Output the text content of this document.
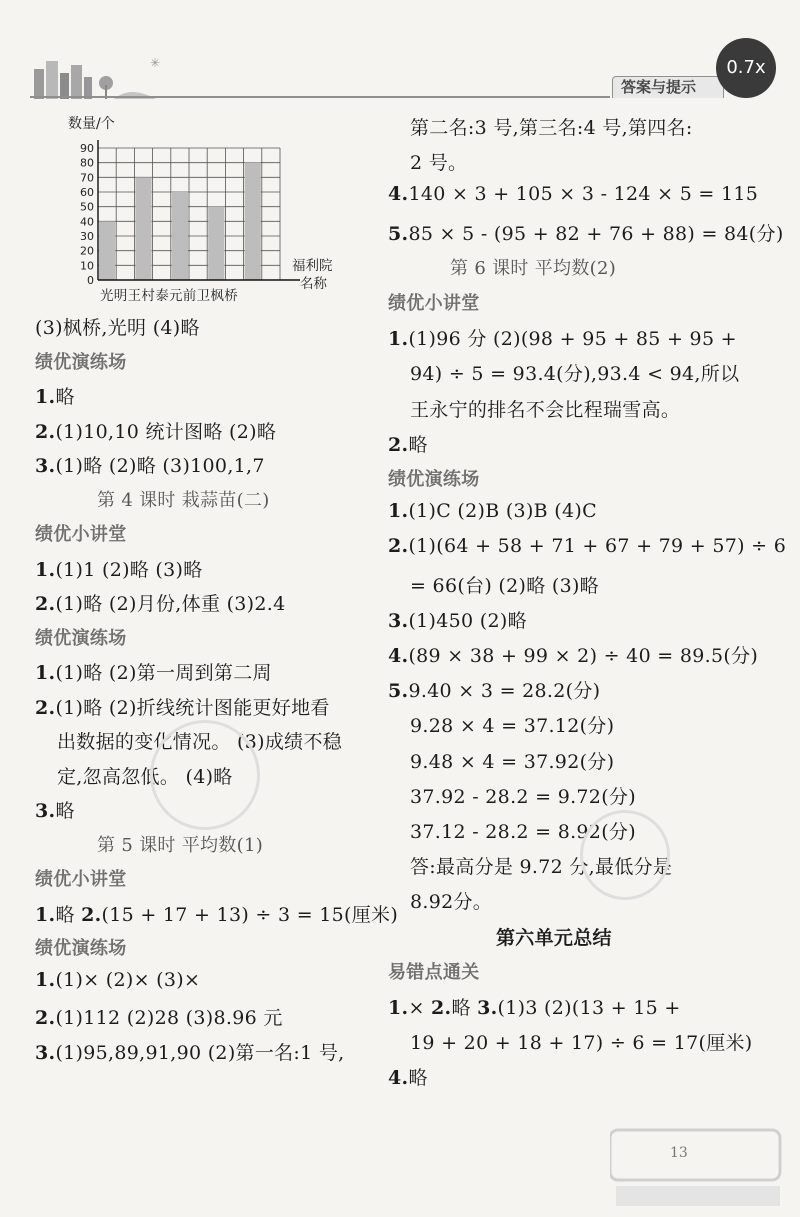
✳
答案与提示
0.7x
数量/个
0
10
20
30
40
50
60
70
80
90
光明王村泰元前卫枫桥
福利院
名称
(3)枫桥,光明 (4)略
绩优演练场
1.略
2.(1)10,10 统计图略 (2)略
3.(1)略 (2)略 (3)100,1,7
第 4 课时 栽蒜苗(二)
绩优小讲堂
1.(1)1 (2)略 (3)略
2.(1)略 (2)月份,体重 (3)2.4
绩优演练场
1.(1)略 (2)第一周到第二周
2.(1)略 (2)折线统计图能更好地看
出数据的变化情况。 (3)成绩不稳
定,忽高忽低。 (4)略
3.略
第 5 课时 平均数(1)
绩优小讲堂
1.略 2.(15 + 17 + 13) ÷ 3 = 15(厘米)
绩优演练场
1.(1)× (2)× (3)×
2.(1)112 (2)28 (3)8.96 元
3.(1)95,89,91,90 (2)第一名:1 号,
第二名:3 号,第三名:4 号,第四名:
2 号。
4.140 × 3 + 105 × 3 - 124 × 5 = 115
5.85 × 5 - (95 + 82 + 76 + 88) = 84(分)
第 6 课时 平均数(2)
绩优小讲堂
1.(1)96 分 (2)(98 + 95 + 85 + 95 +
94) ÷ 5 = 93.4(分),93.4 < 94,所以
王永宁的排名不会比程瑞雪高。
2.略
绩优演练场
1.(1)C (2)B (3)B (4)C
2.(1)(64 + 58 + 71 + 67 + 79 + 57) ÷ 6
= 66(台) (2)略 (3)略
3.(1)450 (2)略
4.(89 × 38 + 99 × 2) ÷ 40 = 89.5(分)
5.9.40 × 3 = 28.2(分)
9.28 × 4 = 37.12(分)
9.48 × 4 = 37.92(分)
37.92 - 28.2 = 9.72(分)
37.12 - 28.2 = 8.92(分)
答:最高分是 9.72 分,最低分是
8.92分。
第六单元总结
易错点通关
1.× 2.略 3.(1)3 (2)(13 + 15 +
19 + 20 + 18 + 17) ÷ 6 = 17(厘米)
4.略
13
